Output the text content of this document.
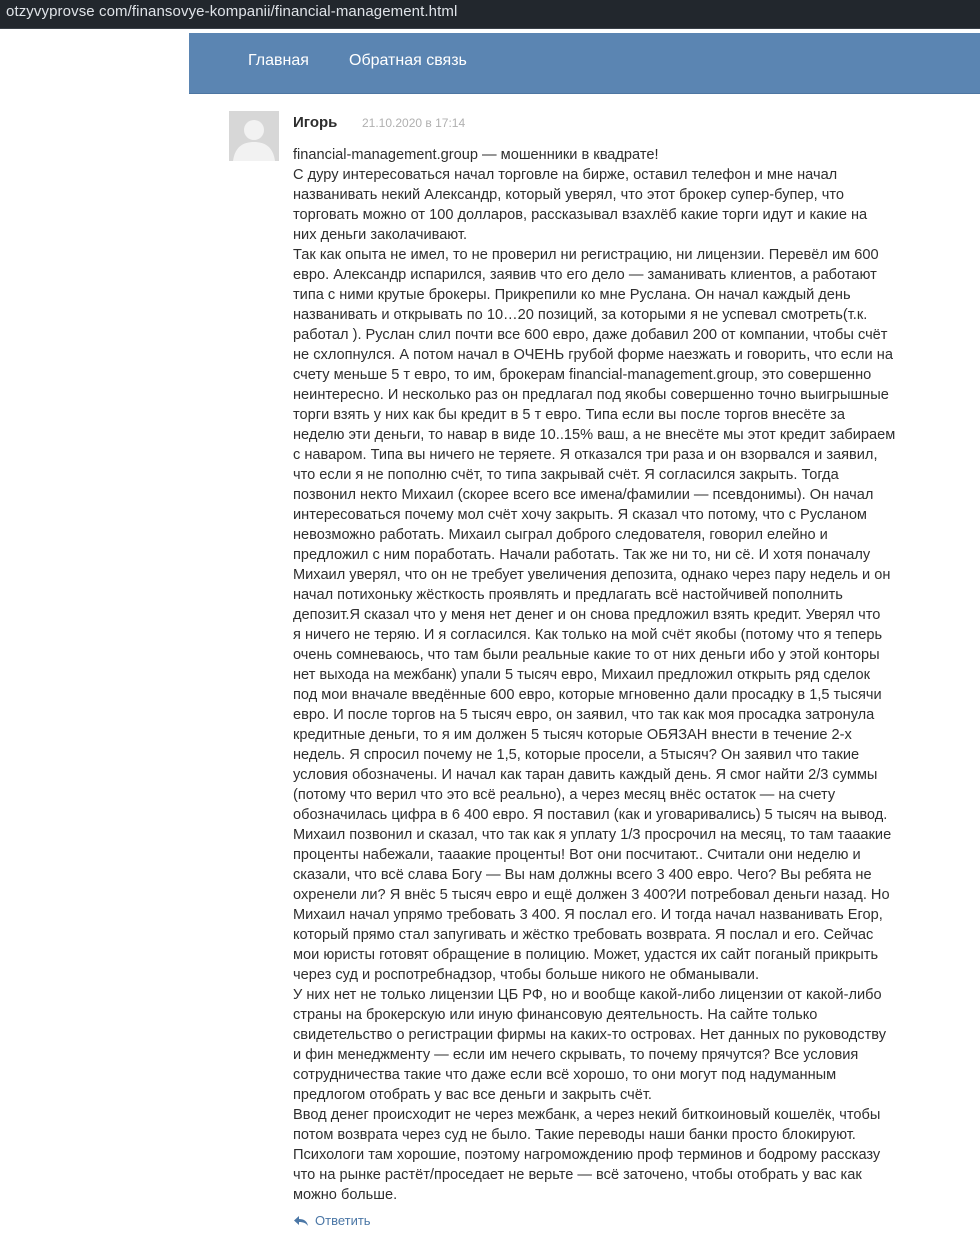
otzyvyprovse com/finansovye-kompanii/financial-management.html
Главная	Обратная связь
Игорь 21.10.2020 в 17:14
financial-management.group — мошенники в квадрате!
С дуру интересоваться начал торговле на бирже, оставил телефон и мне начал
названивать некий Александр, который уверял, что этот брокер супер-бупер, что
торговать можно от 100 долларов, рассказывал взахлёб какие торги идут и какие на
них деньги заколачивают.
Так как опыта не имел, то не проверил ни регистрацию, ни лицензии. Перевёл им 600
евро. Александр испарился, заявив что его дело — заманивать клиентов, а работают
типа с ними крутые брокеры. Прикрепили ко мне Руслана. Он начал каждый день
названивать и открывать по 10…20 позиций, за которыми я не успевал смотреть(т.к.
работал ). Руслан слил почти все 600 евро, даже добавил 200 от компании, чтобы счёт
не схлопнулся. А потом начал в ОЧЕНЬ грубой форме наезжать и говорить, что если на
счету меньше 5 т евро, то им, брокерам financial-management.group, это совершенно
неинтересно. И несколько раз он предлагал под якобы совершенно точно выигрышные
торги взять у них как бы кредит в 5 т евро. Типа если вы после торгов внесёте за
неделю эти деньги, то навар в виде 10..15% ваш, а не внесёте мы этот кредит забираем
с наваром. Типа вы ничего не теряете. Я отказался три раза и он взорвался и заявил,
что если я не пополню счёт, то типа закрывай счёт. Я согласился закрыть. Тогда
позвонил некто Михаил (скорее всего все имена/фамилии — псевдонимы). Он начал
интересоваться почему мол счёт хочу закрыть. Я сказал что потому, что с Русланом
невозможно работать. Михаил сыграл доброго следователя, говорил елейно и
предложил с ним поработать. Начали работать. Так же ни то, ни сё. И хотя поначалу
Михаил уверял, что он не требует увеличения депозита, однако через пару недель и он
начал потихоньку жёсткость проявлять и предлагать всё настойчивей пополнить
депозит.Я сказал что у меня нет денег и он снова предложил взять кредит. Уверял что
я ничего не теряю. И я согласился. Как только на мой счёт якобы (потому что я теперь
очень сомневаюсь, что там были реальные какие то от них деньги ибо у этой конторы
нет выхода на межбанк) упали 5 тысяч евро, Михаил предложил открыть ряд сделок
под мои вначале введённые 600 евро, которые мгновенно дали просадку в 1,5 тысячи
евро. И после торгов на 5 тысяч евро, он заявил, что так как моя просадка затронула
кредитные деньги, то я им должен 5 тысяч которые ОБЯЗАН внести в течение 2-х
недель. Я спросил почему не 1,5, которые просели, а 5тысяч? Он заявил что такие
условия обозначены. И начал как таран давить каждый день. Я смог найти 2/3 суммы
(потому что верил что это всё реально), а через месяц внёс остаток — на счету
обозначилась цифра в 6 400 евро. Я поставил (как и уговаривались) 5 тысяч на вывод.
Михаил позвонил и сказал, что так как я уплату 1/3 просрочил на месяц, то там тааакие
проценты набежали, тааакие проценты! Вот они посчитают.. Считали они неделю и
сказали, что всё слава Богу — Вы нам должны всего 3 400 евро. Чего? Вы ребята не
охренели ли? Я внёс 5 тысяч евро и ещё должен 3 400?И потребовал деньги назад. Но
Михаил начал упрямо требовать 3 400. Я послал его. И тогда начал названивать Егор,
который прямо стал запугивать и жёстко требовать возврата. Я послал и его. Сейчас
мои юристы готовят обращение в полицию. Может, удастся их сайт поганый прикрыть
через суд и роспотребнадзор, чтобы больше никого не обманывали.
У них нет не только лицензии ЦБ РФ, но и вообще какой-либо лицензии от какой-либо
страны на брокерскую или иную финансовую деятельность. На сайте только
свидетельство о регистрации фирмы на каких-то островах. Нет данных по руководству
и фин менеджменту — если им нечего скрывать, то почему прячутся? Все условия
сотрудничества такие что даже если всё хорошо, то они могут под надуманным
предлогом отобрать у вас все деньги и закрыть счёт.
Ввод денег происходит не через межбанк, а через некий биткоиновый кошелёк, чтобы
потом возврата через суд не было. Такие переводы наши банки просто блокируют.
Психологи там хорошие, поэтому нагромождению проф терминов и бодрому рассказу
что на рынке растёт/проседает не верьте — всё заточено, чтобы отобрать у вас как
можно больше.
Ответить
